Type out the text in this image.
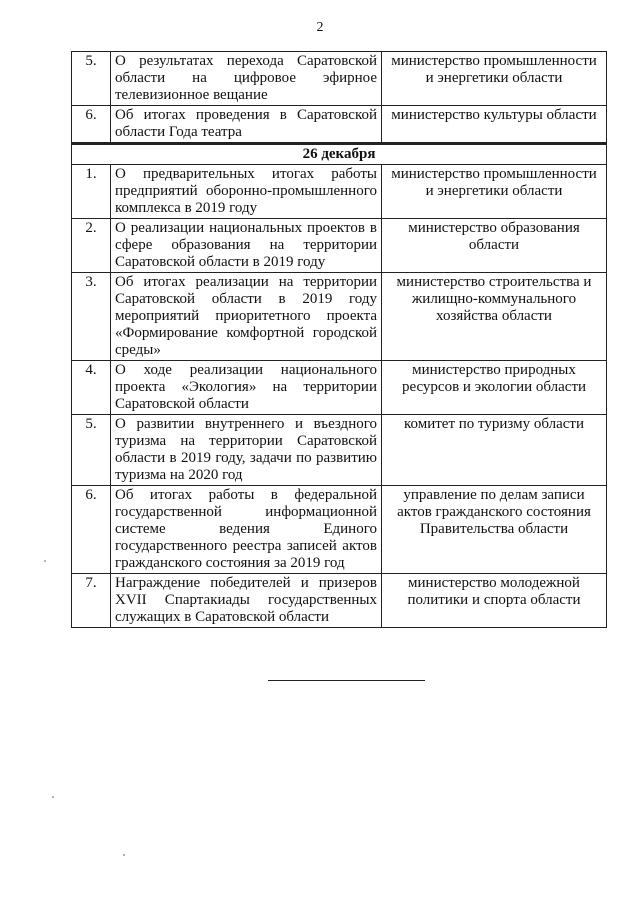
2
5.	О результатах перехода Саратовской области на цифровое эфирное телевизионное вещание	министерство промышленности и энергетики области
6.	Об итогах проведения в Саратовской области Года театра	министерство культуры области

26 декабря		
1.	О предварительных итогах работы предприятий оборонно-промышленного комплекса в 2019 году	министерство промышленности и энергетики области
2.	О реализации национальных проектов в сфере образования на территории Саратовской области в 2019 году	министерство образования области
3.	Об итогах реализации на территории Саратовской области в 2019 году мероприятий приоритетного проекта «Формирование комфортной городской среды»	министерство строительства и жилищно-коммунального хозяйства области
4.	О ходе реализации национального проекта «Экология» на территории Саратовской области	министерство природных ресурсов и экологии области
5.	О развитии внутреннего и въездного туризма на территории Саратовской области в 2019 году, задачи по развитию туризма на 2020 год	комитет по туризму области
6.	Об итогах работы в федеральной государственной информационной системе ведения Единого государственного реестра записей актов гражданского состояния за 2019 год	управление по делам записи актов гражданского состояния Правительства области
7.	Награждение победителей и призеров XVII Спартакиады государственных служащих в Саратовской области	министерство молодежной политики и спорта области
